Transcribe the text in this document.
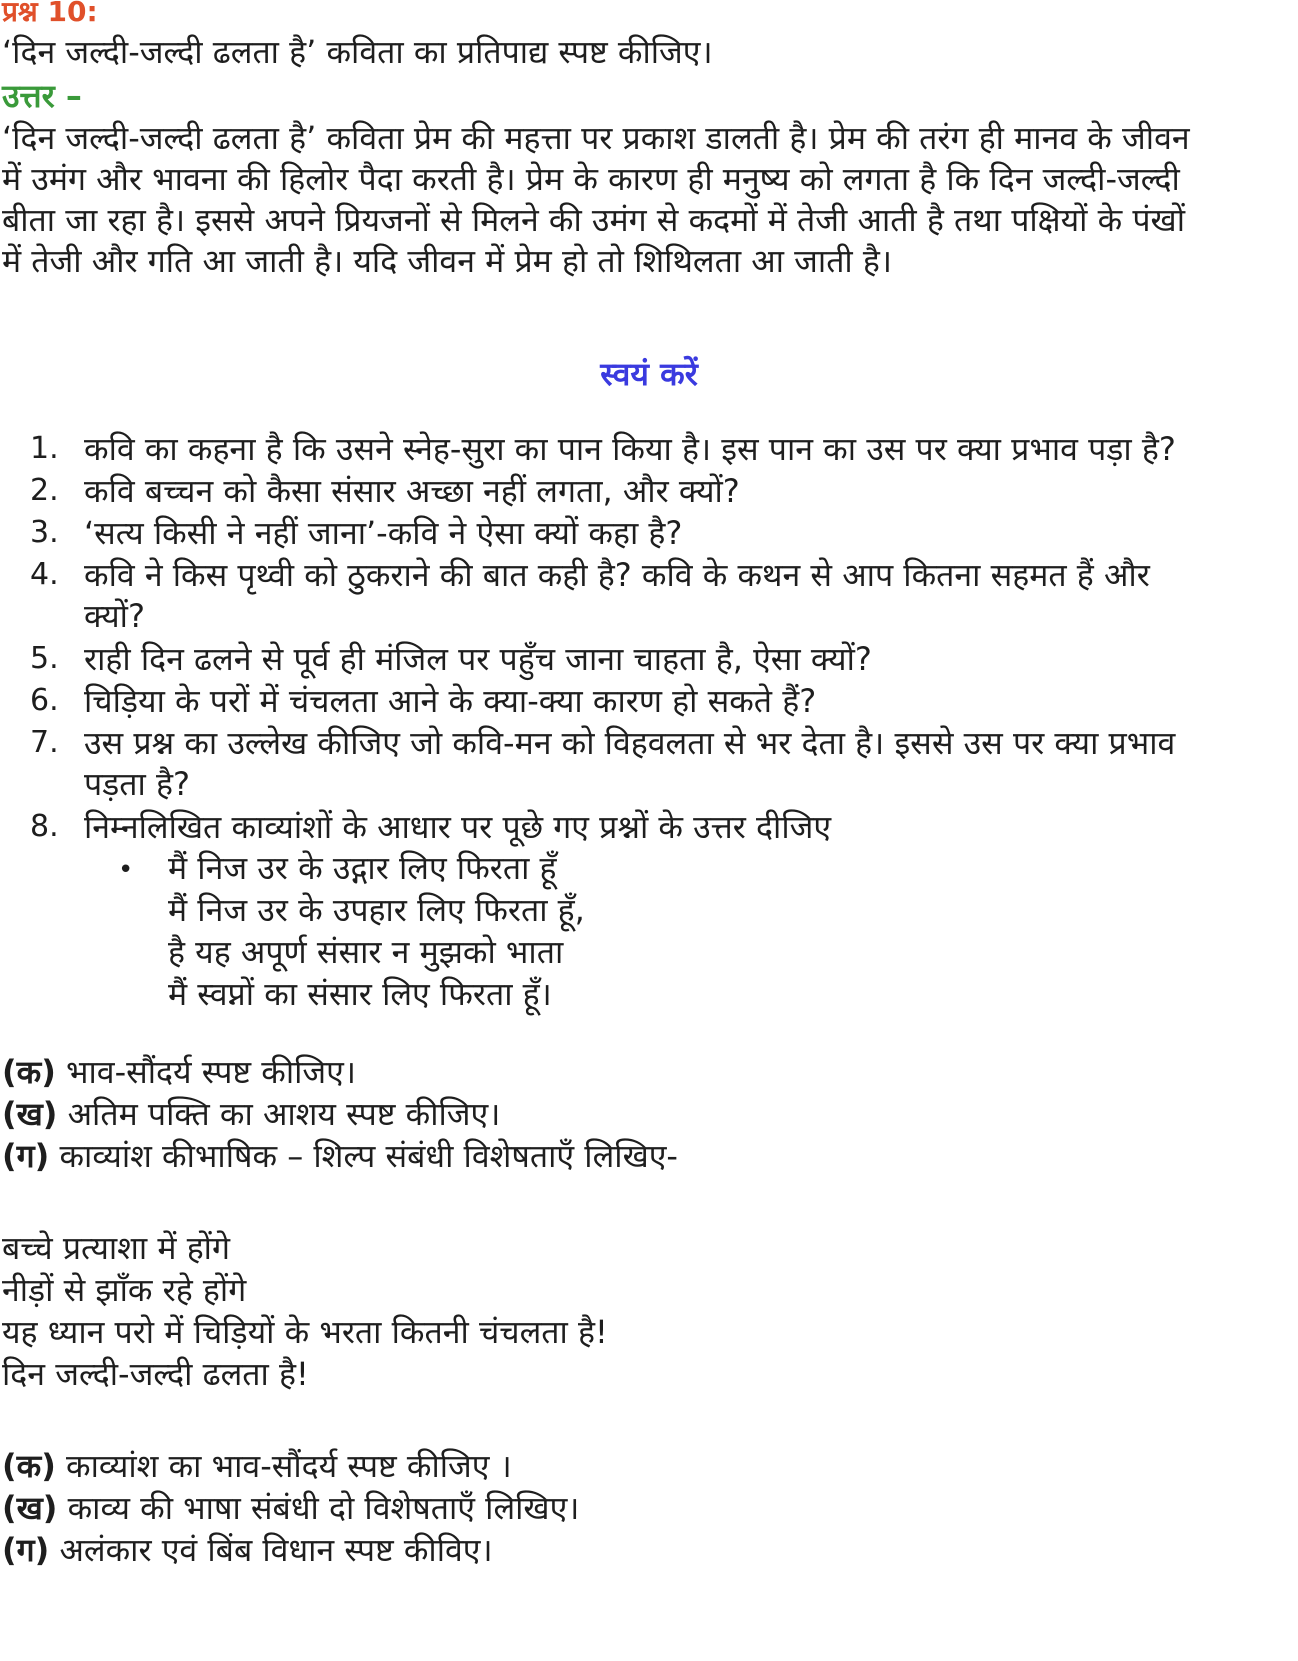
प्रश्न 10:
‘दिन जल्दी-जल्दी ढलता है’ कविता का प्रतिपाद्य स्पष्ट कीजिए।
उत्तर –
‘दिन जल्दी-जल्दी ढलता है’ कविता प्रेम की महत्ता पर प्रकाश डालती है। प्रेम की तरंग ही मानव के जीवन
में उमंग और भावना की हिलोर पैदा करती है। प्रेम के कारण ही मनुष्य को लगता है कि दिन जल्दी-जल्दी
बीता जा रहा है। इससे अपने प्रियजनों से मिलने की उमंग से कदमों में तेजी आती है तथा पक्षियों के पंखों
में तेजी और गति आ जाती है। यदि जीवन में प्रेम हो तो शिथिलता आ जाती है।
स्वयं करें
1. कवि का कहना है कि उसने स्नेह-सुरा का पान किया है। इस पान का उस पर क्या प्रभाव पड़ा है?
2. कवि बच्चन को कैसा संसार अच्छा नहीं लगता, और क्यों?
3. ‘सत्य किसी ने नहीं जाना’-कवि ने ऐसा क्यों कहा है?
4. कवि ने किस पृथ्वी को ठुकराने की बात कही है? कवि के कथन से आप कितना सहमत हैं और
क्यों?
5. राही दिन ढलने से पूर्व ही मंजिल पर पहुँच जाना चाहता है, ऐसा क्यों?
6. चिड़िया के परों में चंचलता आने के क्या-क्या कारण हो सकते हैं?
7. उस प्रश्न का उल्लेख कीजिए जो कवि-मन को विहवलता से भर देता है। इससे उस पर क्या प्रभाव
पड़ता है?
8. निम्नलिखित काव्यांशों के आधार पर पूछे गए प्रश्नों के उत्तर दीजिए
• मैं निज उर के उद्गार लिए फिरता हूँ
मैं निज उर के उपहार लिए फिरता हूँ,
है यह अपूर्ण संसार न मुझको भाता
मैं स्वप्नों का संसार लिए फिरता हूँ।
(क) भाव-सौंदर्य स्पष्ट कीजिए।
(ख) अतिम पक्ति का आशय स्पष्ट कीजिए।
(ग) काव्यांश कीभाषिक – शिल्प संबंधी विशेषताएँ लिखिए-
बच्चे प्रत्याशा में होंगे
नीड़ों से झाँक रहे होंगे
यह ध्यान परो में चिड़ियों के भरता कितनी चंचलता है!
दिन जल्दी-जल्दी ढलता है!
(क) काव्यांश का भाव-सौंदर्य स्पष्ट कीजिए ।
(ख) काव्य की भाषा संबंधी दो विशेषताएँ लिखिए।
(ग) अलंकार एवं बिंब विधान स्पष्ट कीविए।
